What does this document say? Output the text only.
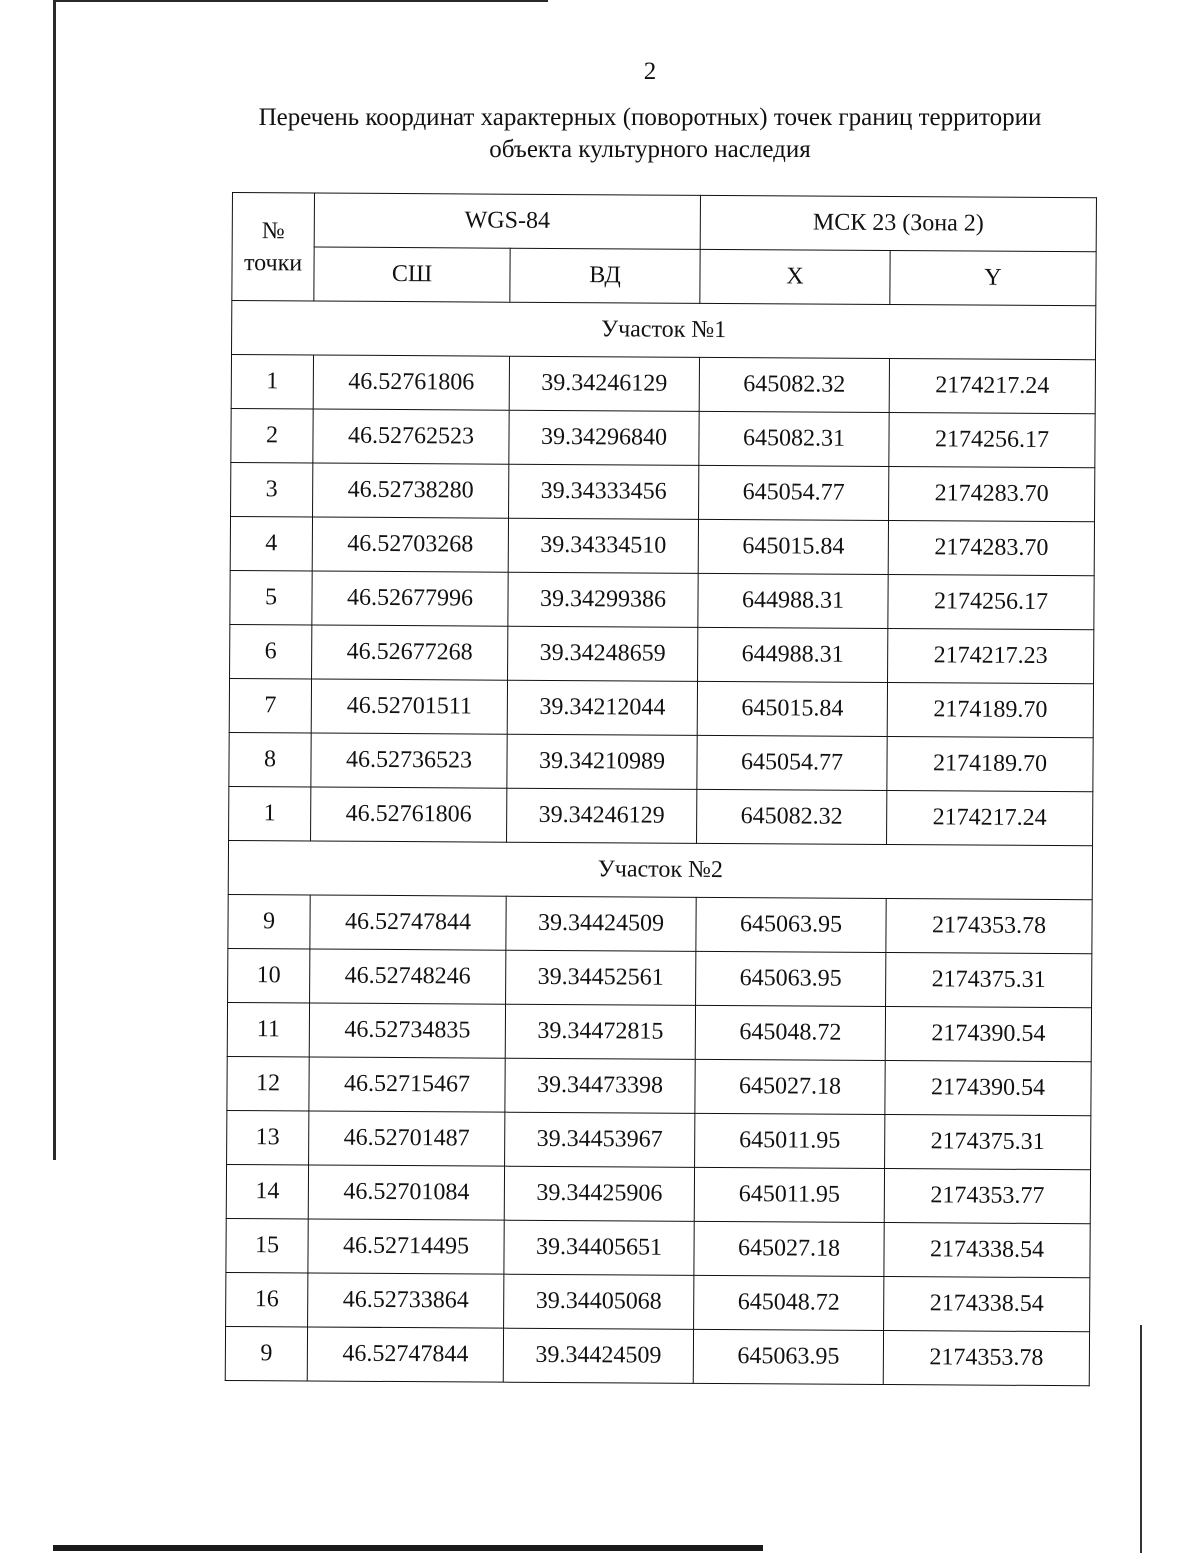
2
Перечень координат характерных (поворотных) точек границ территории
объекта культурного наследия
№
точки	WGS-84		МСК 23 (Зона 2)	
	СШ	ВД	X	Y
Участок №1				
1	46.52761806	39.34246129	645082.32	2174217.24
2	46.52762523	39.34296840	645082.31	2174256.17
3	46.52738280	39.34333456	645054.77	2174283.70
4	46.52703268	39.34334510	645015.84	2174283.70
5	46.52677996	39.34299386	644988.31	2174256.17
6	46.52677268	39.34248659	644988.31	2174217.23
7	46.52701511	39.34212044	645015.84	2174189.70
8	46.52736523	39.34210989	645054.77	2174189.70
1	46.52761806	39.34246129	645082.32	2174217.24
Участок №2				
9	46.52747844	39.34424509	645063.95	2174353.78
10	46.52748246	39.34452561	645063.95	2174375.31
11	46.52734835	39.34472815	645048.72	2174390.54
12	46.52715467	39.34473398	645027.18	2174390.54
13	46.52701487	39.34453967	645011.95	2174375.31
14	46.52701084	39.34425906	645011.95	2174353.77
15	46.52714495	39.34405651	645027.18	2174338.54
16	46.52733864	39.34405068	645048.72	2174338.54
9	46.52747844	39.34424509	645063.95	2174353.78
